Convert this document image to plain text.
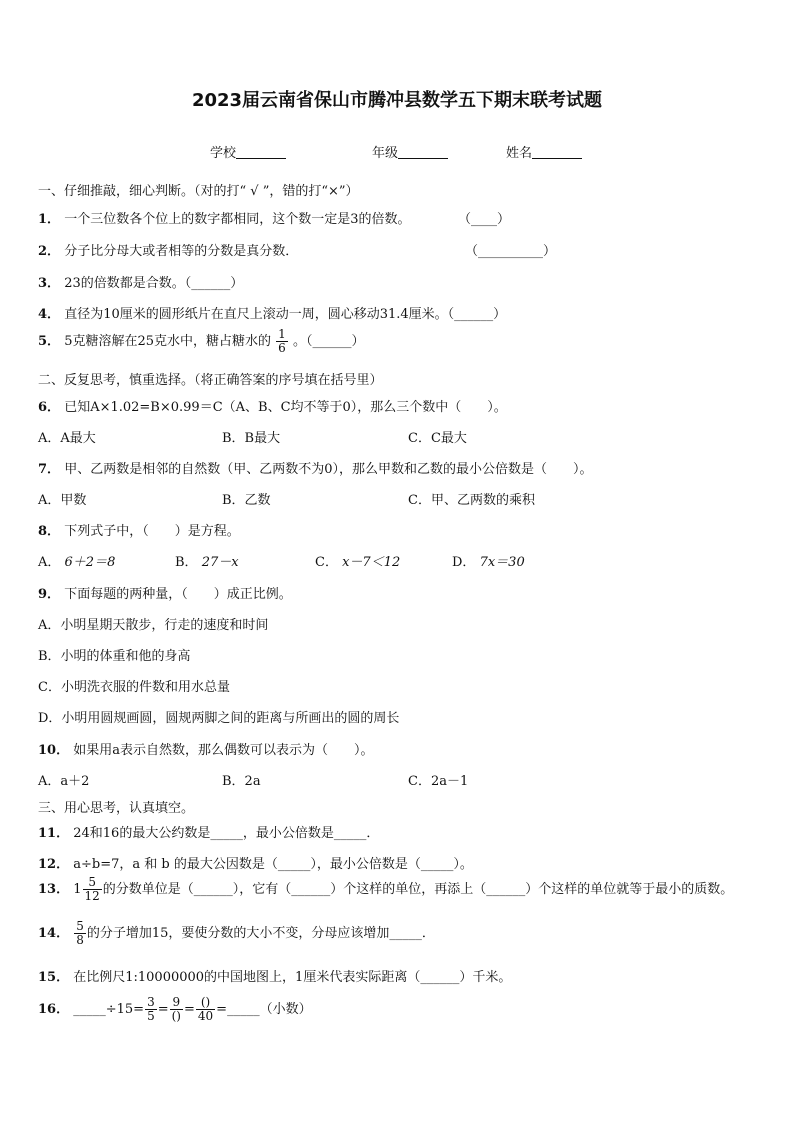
2023届云南省保山市腾冲县数学五下期末联考试题
学校	年级	姓名
一、仔细推敲，细心判断。（对的打“ √ ”，错的打“×”）
1． 一个三位数各个位上的数字都相同，这个数一定是3的倍数。	（____）
2． 分子比分母大或者相等的分数是真分数．	（__________）
3． 23的倍数都是合数。（______）
4． 直径为10厘米的圆形纸片在直尺上滚动一周，圆心移动31.4厘米。（______）
5． 5克糖溶解在25克水中，糖占糖水的 $\frac{1}{6}$ 。（______）
二、反复思考，慎重选择。（将正确答案的序号填在括号里）
6． 已知A×1.02=B×0.99＝C（A、B、C均不等于0），那么三个数中（　　）。
A．A最大	B．B最大	C．C最大
7． 甲、乙两数是相邻的自然数（甲、乙两数不为0），那么甲数和乙数的最小公倍数是（　　）。
A．甲数	B．乙数	C．甲、乙两数的乘积
8． 下列式子中，（　　）是方程。
A． 6＋2＝8	B． 27－x	C． x－7＜12	D． 7x＝30
9． 下面每题的两种量，（　　）成正比例。
A．小明星期天散步，行走的速度和时间
B．小明的体重和他的身高
C．小明洗衣服的件数和用水总量
D．小明用圆规画圆，圆规两脚之间的距离与所画出的圆的周长
10． 如果用a表示自然数，那么偶数可以表示为（　　）。
A．a＋2	B．2a	C．2a－1
三、用心思考，认真填空。
11． 24和16的最大公约数是_____，最小公倍数是_____．
12． a÷b=7，a 和 b 的最大公因数是（_____），最小公倍数是（_____）。
13． $1 \frac{5}{12}$ 的分数单位是（______），它有（______）个这样的单位，再添上（______）个这样的单位就等于最小的质数。
14． $\frac{5}{8}$ 的分子增加15，要使分数的大小不变，分母应该增加_____．
15． 在比例尺1:10000000的中国地图上，1厘米代表实际距离（______）千米。
16． _____÷15= $\frac{3}{5} = \frac{9}{()} = \frac{()}{40}$ =_____（小数）
